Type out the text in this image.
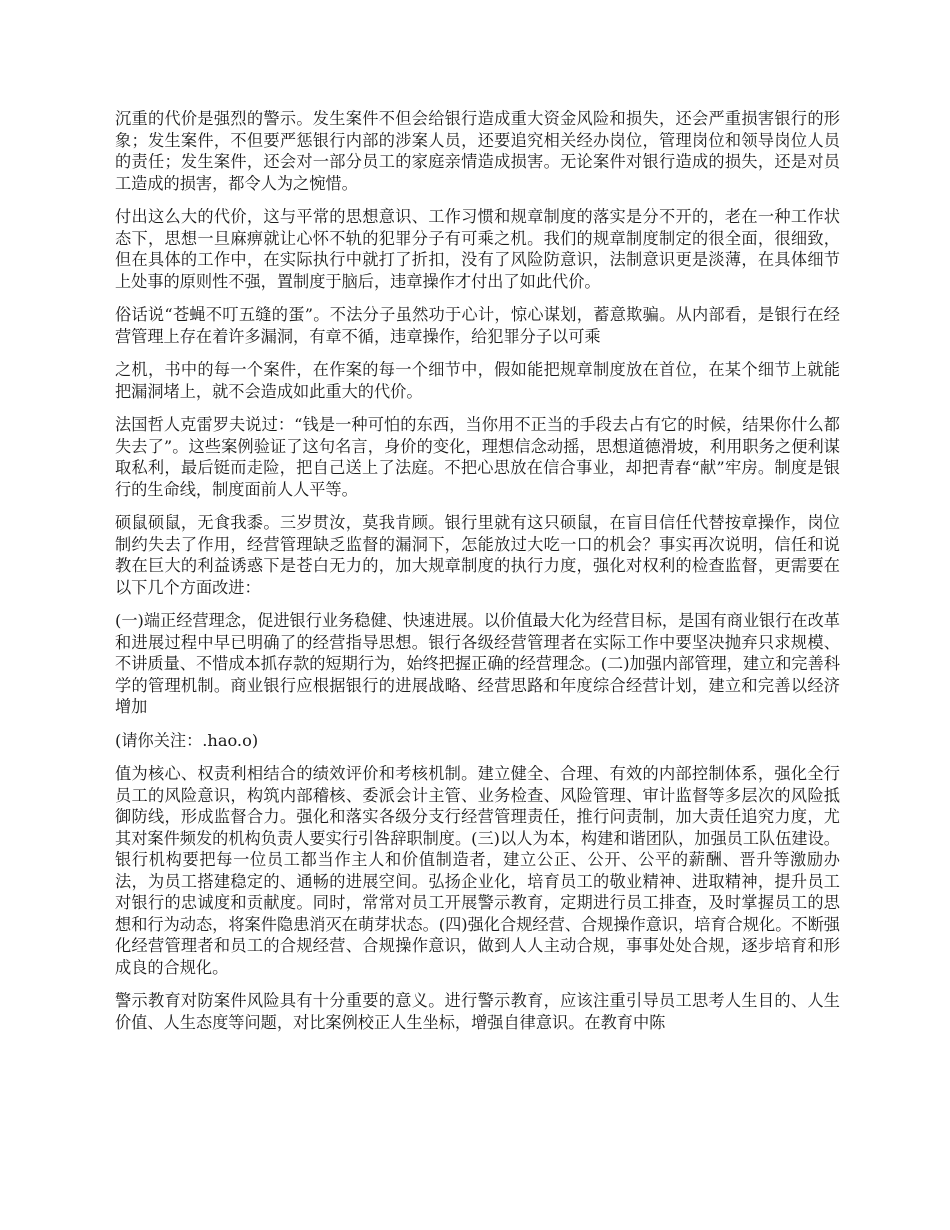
沉重的代价是强烈的警示。发生案件不但会给银行造成重大资金风险和损失，还会严重损害银行的形象；发生案件，不但要严惩银行内部的涉案人员，还要追究相关经办岗位，管理岗位和领导岗位人员的责任；发生案件，还会对一部分员工的家庭亲情造成损害。无论案件对银行造成的损失，还是对员工造成的损害，都令人为之惋惜。

付出这么大的代价，这与平常的思想意识、工作习惯和规章制度的落实是分不开的，老在一种工作状态下，思想一旦麻痹就让心怀不轨的犯罪分子有可乘之机。我们的规章制度制定的很全面，很细致，但在具体的工作中，在实际执行中就打了折扣，没有了风险防意识，法制意识更是淡薄，在具体细节上处事的原则性不强，置制度于脑后，违章操作才付出了如此代价。

俗话说“苍蝇不叮五缝的蛋”。不法分子虽然功于心计，惊心谋划，蓄意欺骗。从内部看，是银行在经营管理上存在着许多漏洞，有章不循，违章操作，给犯罪分子以可乘

之机，书中的每一个案件，在作案的每一个细节中，假如能把规章制度放在首位，在某个细节上就能把漏洞堵上，就不会造成如此重大的代价。

法国哲人克雷罗夫说过：“钱是一种可怕的东西，当你用不正当的手段去占有它的时候，结果你什么都失去了”。这些案例验证了这句名言，身价的变化，理想信念动摇，思想道德滑坡，利用职务之便利谋取私利，最后铤而走险，把自己送上了法庭。不把心思放在信合事业，却把青春“献”牢房。制度是银行的生命线，制度面前人人平等。

硕鼠硕鼠，无食我黍。三岁贯汝，莫我肯顾。银行里就有这只硕鼠，在盲目信任代替按章操作，岗位制约失去了作用，经营管理缺乏监督的漏洞下，怎能放过大吃一口的机会？事实再次说明，信任和说教在巨大的利益诱惑下是苍白无力的，加大规章制度的执行力度，强化对权利的检查监督，更需要在以下几个方面改进：

(一)端正经营理念，促进银行业务稳健、快速进展。以价值最大化为经营目标，是国有商业银行在改革和进展过程中早已明确了的经营指导思想。银行各级经营管理者在实际工作中要坚决抛弃只求规模、不讲质量、不惜成本抓存款的短期行为，始终把握正确的经营理念。(二)加强内部管理，建立和完善科学的管理机制。商业银行应根据银行的进展战略、经营思路和年度综合经营计划，建立和完善以经济增加

(请你关注：.hao.o)

值为核心、权责利相结合的绩效评价和考核机制。建立健全、合理、有效的内部控制体系，强化全行员工的风险意识，构筑内部稽核、委派会计主管、业务检查、风险管理、审计监督等多层次的风险抵御防线，形成监督合力。强化和落实各级分支行经营管理责任，推行问责制，加大责任追究力度，尤其对案件频发的机构负责人要实行引咎辞职制度。(三)以人为本，构建和谐团队，加强员工队伍建设。银行机构要把每一位员工都当作主人和价值制造者，建立公正、公开、公平的薪酬、晋升等激励办法，为员工搭建稳定的、通畅的进展空间。弘扬企业化，培育员工的敬业精神、进取精神，提升员工对银行的忠诚度和贡献度。同时，常常对员工开展警示教育，定期进行员工排查，及时掌握员工的思想和行为动态，将案件隐患消灭在萌芽状态。(四)强化合规经营、合规操作意识，培育合规化。不断强化经营管理者和员工的合规经营、合规操作意识，做到人人主动合规，事事处处合规，逐步培育和形成良的合规化。

警示教育对防案件风险具有十分重要的意义。进行警示教育，应该注重引导员工思考人生目的、人生价值、人生态度等问题，对比案例校正人生坐标，增强自律意识。在教育中陈
